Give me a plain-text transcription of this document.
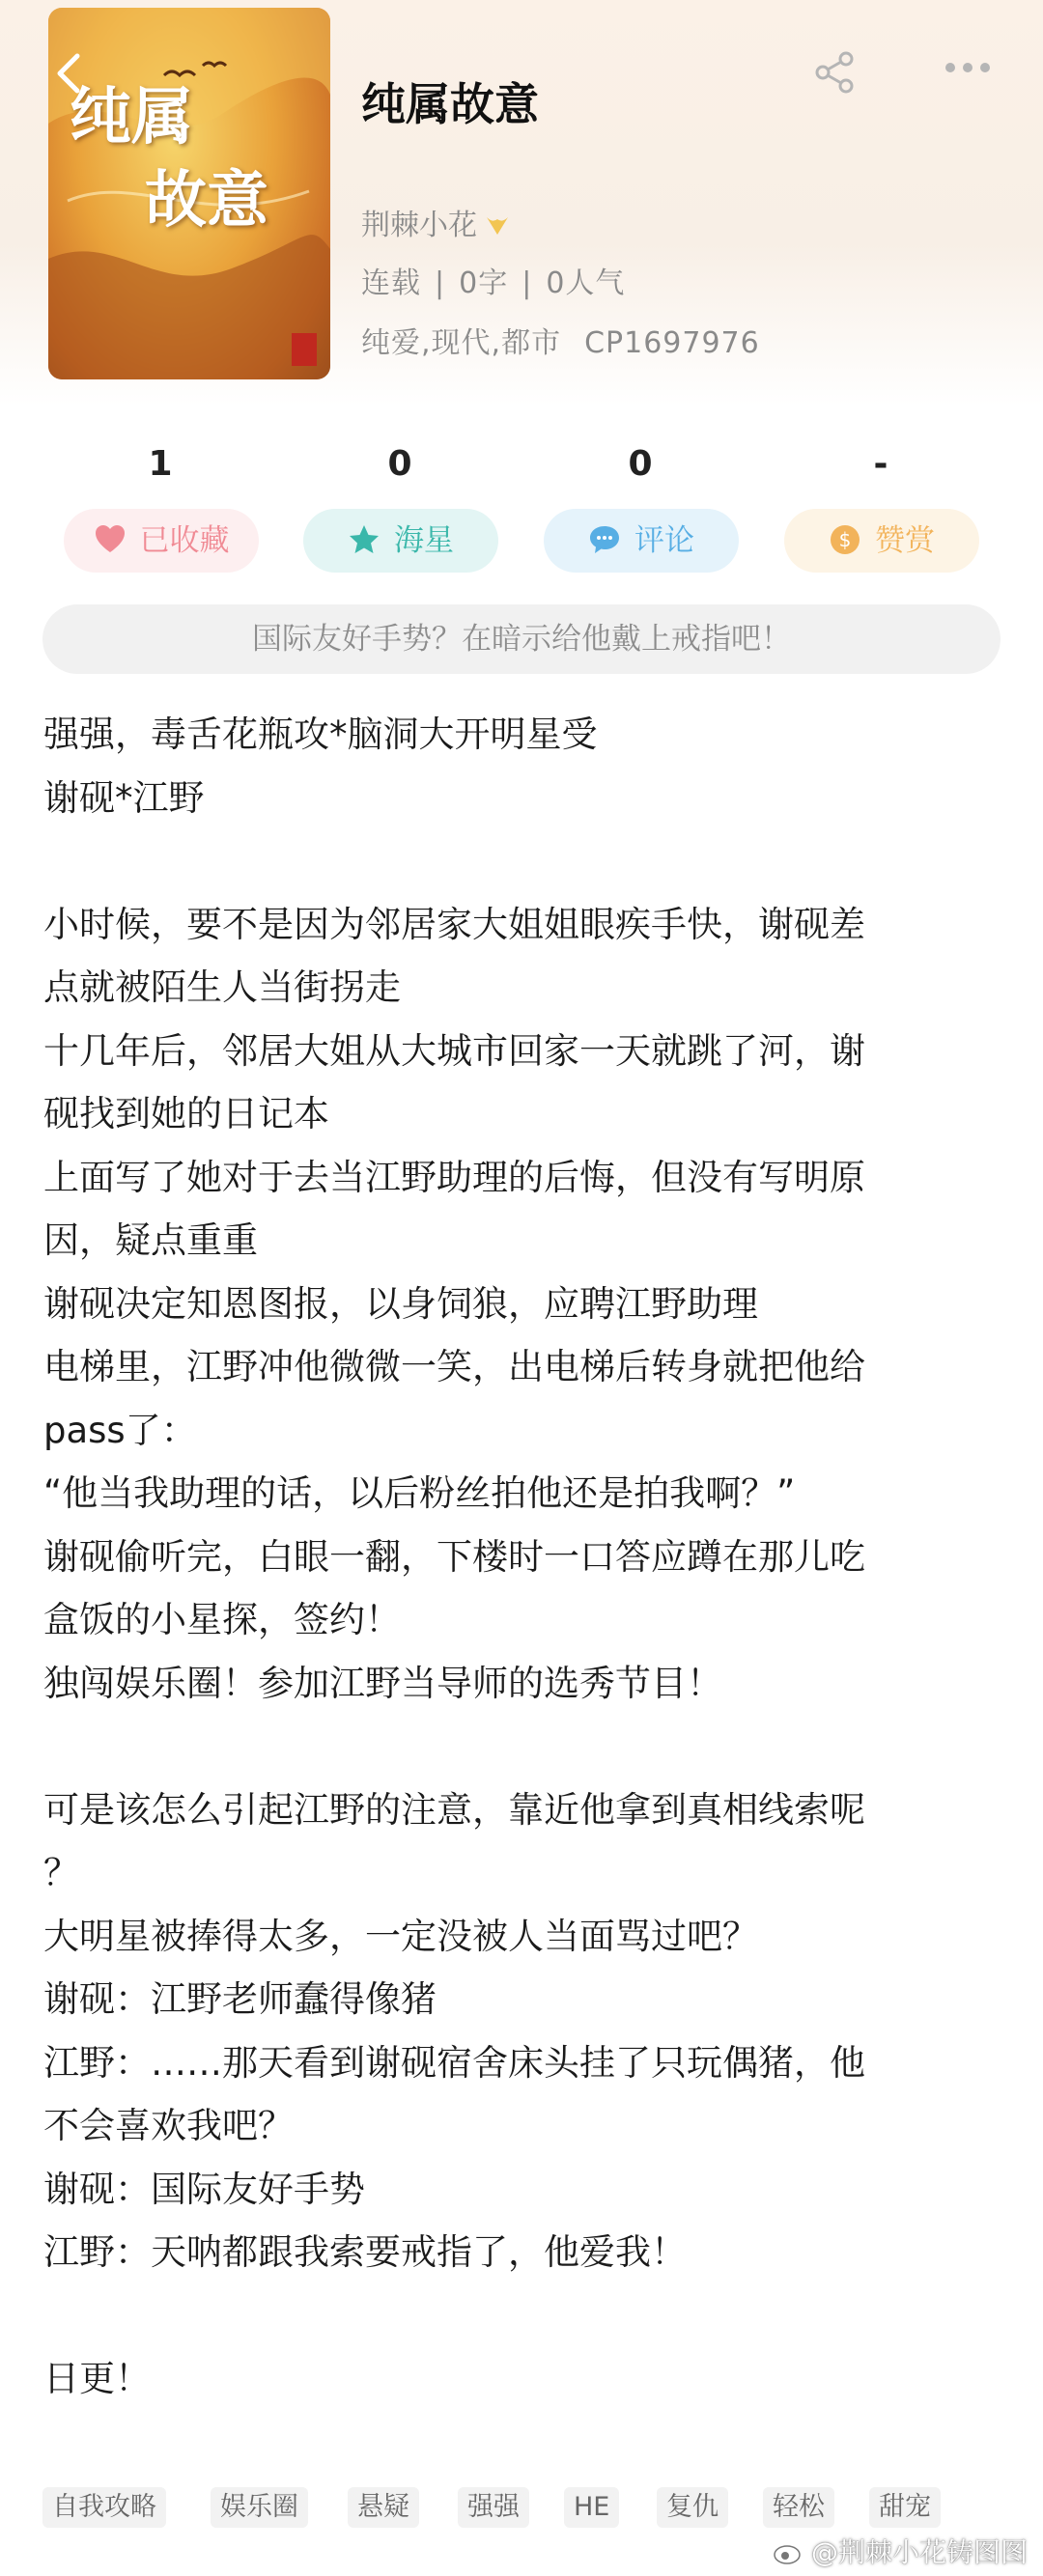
纯属
故意
纯属故意
荆棘小花
连载 | 0字 | 0人气
纯爱,现代,都市 CP1697976
1	0	0	-
已收藏	海星	评论	$ 赞赏
国际友好手势？在暗示给他戴上戒指吧！
强强，毒舌花瓶攻*脑洞大开明星受
谢砚*江野
小时候，要不是因为邻居家大姐姐眼疾手快，谢砚差
点就被陌生人当街拐走
十几年后，邻居大姐从大城市回家一天就跳了河，谢
砚找到她的日记本
上面写了她对于去当江野助理的后悔，但没有写明原
因，疑点重重
谢砚决定知恩图报，以身饲狼，应聘江野助理
电梯里，江野冲他微微一笑，出电梯后转身就把他给
pass了：
“他当我助理的话，以后粉丝拍他还是拍我啊？”
谢砚偷听完，白眼一翻，下楼时一口答应蹲在那儿吃
盒饭的小星探，签约！
独闯娱乐圈！参加江野当导师的选秀节目！
可是该怎么引起江野的注意，靠近他拿到真相线索呢
？
大明星被捧得太多，一定没被人当面骂过吧？
谢砚：江野老师蠢得像猪
江野：……那天看到谢砚宿舍床头挂了只玩偶猪，他
不会喜欢我吧？
谢砚：国际友好手势
江野：天呐都跟我索要戒指了，他爱我！
日更！
自我攻略	娱乐圈	悬疑	强强	HE	复仇	轻松	甜宠
@荆棘小花铸图图
